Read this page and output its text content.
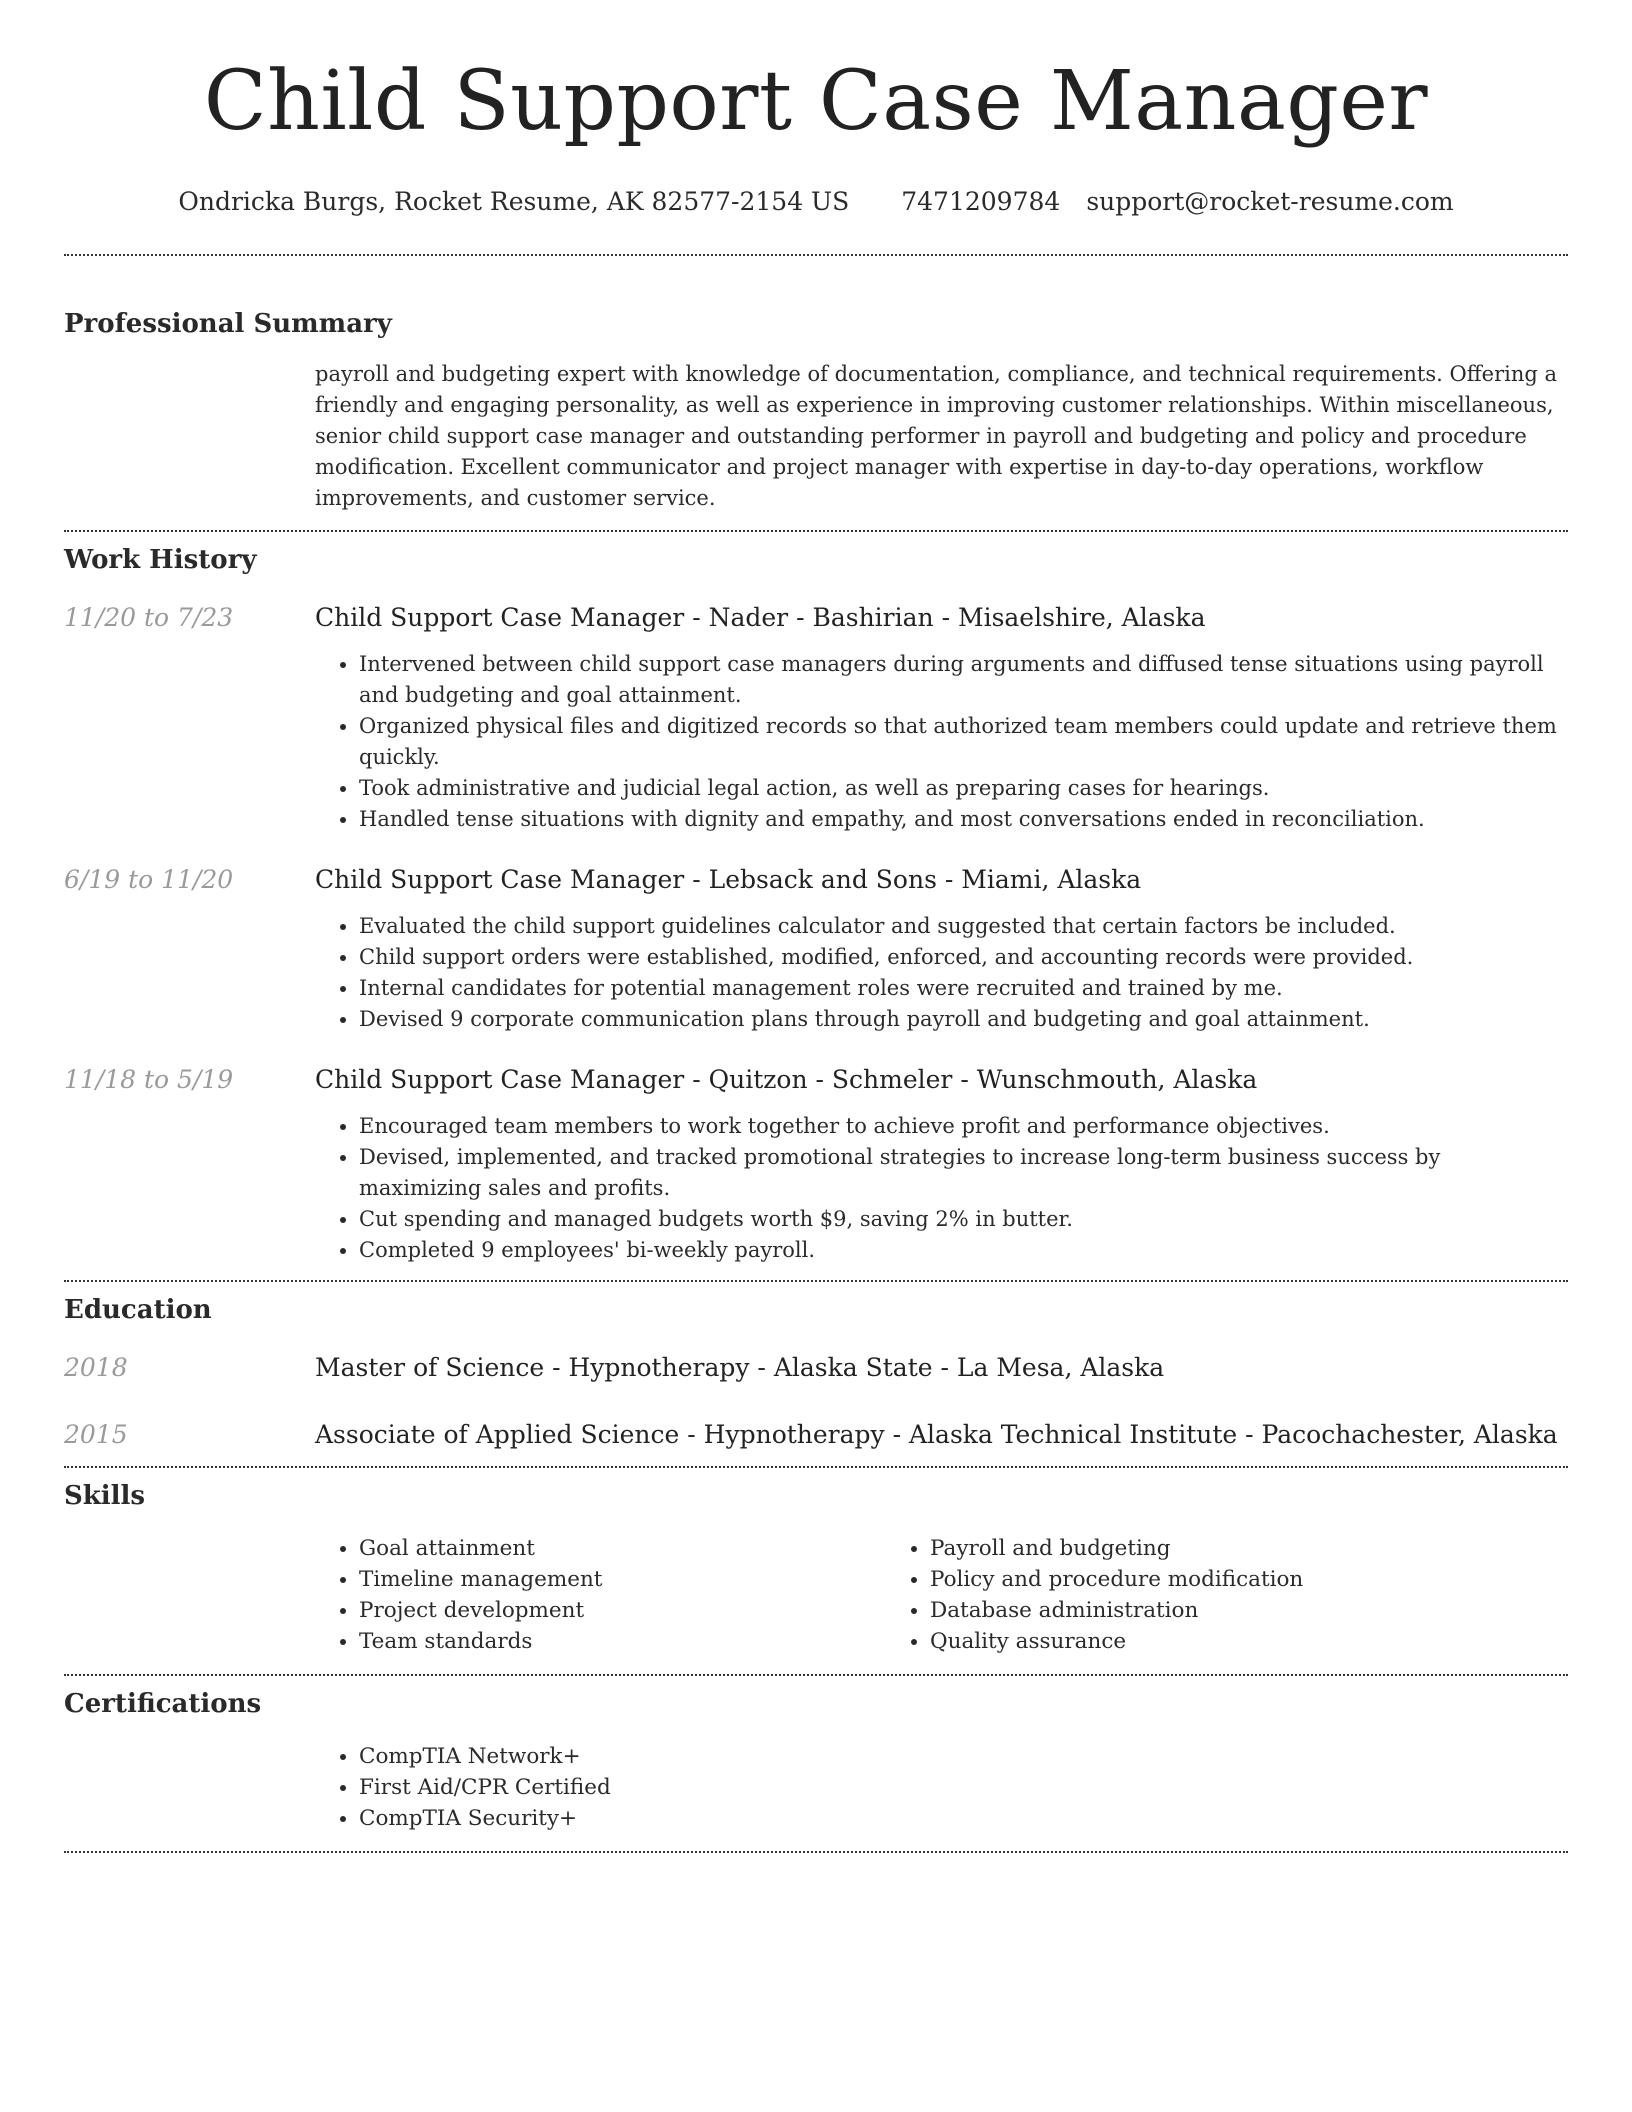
Child Support Case Manager
Ondricka Burgs, Rocket Resume, AK 82577-2154 US 7471209784 support@rocket-resume.com
Professional Summary
payroll and budgeting expert with knowledge of documentation, compliance, and technical requirements. Offering a friendly and engaging personality, as well as experience in improving customer relationships. Within miscellaneous, senior child support case manager and outstanding performer in payroll and budgeting and policy and procedure modification. Excellent communicator and project manager with expertise in day-to-day operations, workflow improvements, and customer service.
Work History
11/20 to 7/23	Child Support Case Manager - Nader - Bashirian - Misaelshire, Alaska
• Intervened between child support case managers during arguments and diffused tense situations using payroll and budgeting and goal attainment.
• Organized physical files and digitized records so that authorized team members could update and retrieve them quickly.
• Took administrative and judicial legal action, as well as preparing cases for hearings.
• Handled tense situations with dignity and empathy, and most conversations ended in reconciliation.
6/19 to 11/20	Child Support Case Manager - Lebsack and Sons - Miami, Alaska
• Evaluated the child support guidelines calculator and suggested that certain factors be included.
• Child support orders were established, modified, enforced, and accounting records were provided.
• Internal candidates for potential management roles were recruited and trained by me.
• Devised 9 corporate communication plans through payroll and budgeting and goal attainment.
11/18 to 5/19	Child Support Case Manager - Quitzon - Schmeler - Wunschmouth, Alaska
• Encouraged team members to work together to achieve profit and performance objectives.
• Devised, implemented, and tracked promotional strategies to increase long-term business success by maximizing sales and profits.
• Cut spending and managed budgets worth $9, saving 2% in butter.
• Completed 9 employees' bi-weekly payroll.
Education
2018	Master of Science - Hypnotherapy - Alaska State - La Mesa, Alaska
2015	Associate of Applied Science - Hypnotherapy - Alaska Technical Institute - Pacochachester, Alaska
Skills
• Goal attainment
• Timeline management
• Project development
• Team standards
• Payroll and budgeting
• Policy and procedure modification
• Database administration
• Quality assurance
Certifications
• CompTIA Network+
• First Aid/CPR Certified
• CompTIA Security+
